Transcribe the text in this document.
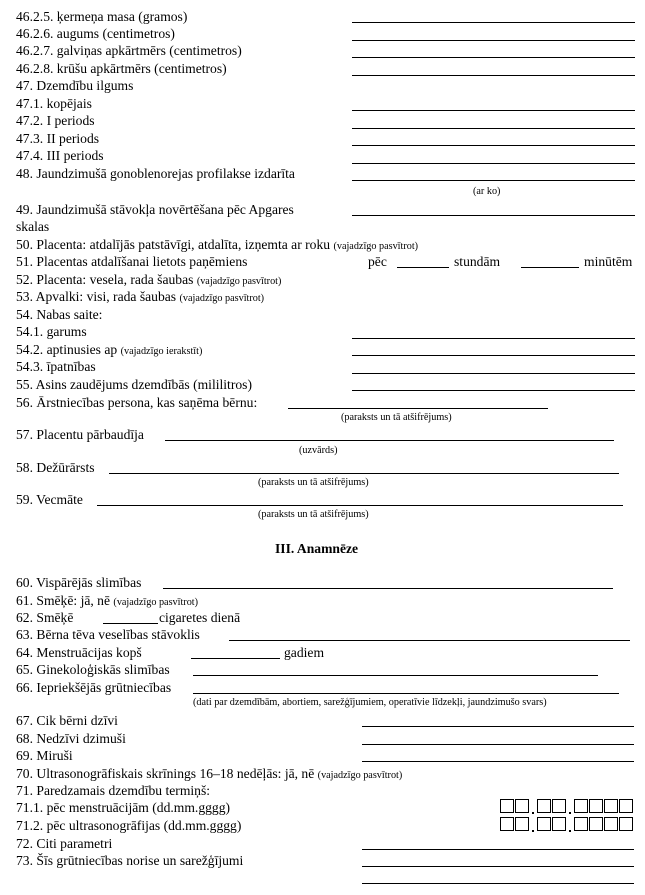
46.2.5. ķermeņa masa (gramos)
46.2.6. augums (centimetros)
46.2.7. galviņas apkārtmērs (centimetros)
46.2.8. krūšu apkārtmērs (centimetros)
47. Dzemdību ilgums
47.1. kopējais
47.2. I periods
47.3. II periods
47.4. III periods
48. Jaundzimušā gonoblenorejas profilakse izdarīta
(ar ko)
49. Jaundzimušā stāvokļa novērtēšana pēc Apgares
skalas
50. Placenta: atdalījās patstāvīgi, atdalīta, izņemta ar roku (vajadzīgo pasvītrot)
51. Placentas atdalīšanai lietots paņēmiens	pēc	stundām	minūtēm
52. Placenta: vesela, rada šaubas (vajadzīgo pasvītrot)
53. Apvalki: visi, rada šaubas (vajadzīgo pasvītrot)
54. Nabas saite:
54.1. garums
54.2. aptinusies ap (vajadzīgo ierakstīt)
54.3. īpatnības
55. Asins zaudējums dzemdībās (mililitros)
56. Ārstniecības persona, kas saņēma bērnu:
(paraksts un tā atšifrējums)
57. Placentu pārbaudīja
(uzvārds)
58. Dežūrārsts
(paraksts un tā atšifrējums)
59. Vecmāte
(paraksts un tā atšifrējums)
III. Anamnēze
60. Vispārējās slimības
61. Smēķē: jā, nē (vajadzīgo pasvītrot)
62. Smēķē	cigaretes dienā
63. Bērna tēva veselības stāvoklis
64. Menstruācijas kopš	gadiem
65. Ginekoloģiskās slimības
66. Iepriekšējās grūtniecības
(dati par dzemdībām, abortiem, sarežģījumiem, operatīvie līdzekļi, jaundzimušo svars)
67. Cik bērni dzīvi
68. Nedzīvi dzimuši
69. Miruši
70. Ultrasonogrāfiskais skrīnings 16–18 nedēļās: jā, nē (vajadzīgo pasvītrot)
71. Paredzamais dzemdību termiņš:
71.1. pēc menstruācijām (dd.mm.gggg)
71.2. pēc ultrasonogrāfijas (dd.mm.gggg)
72. Citi parametri
73. Šīs grūtniecības norise un sarežģījumi
